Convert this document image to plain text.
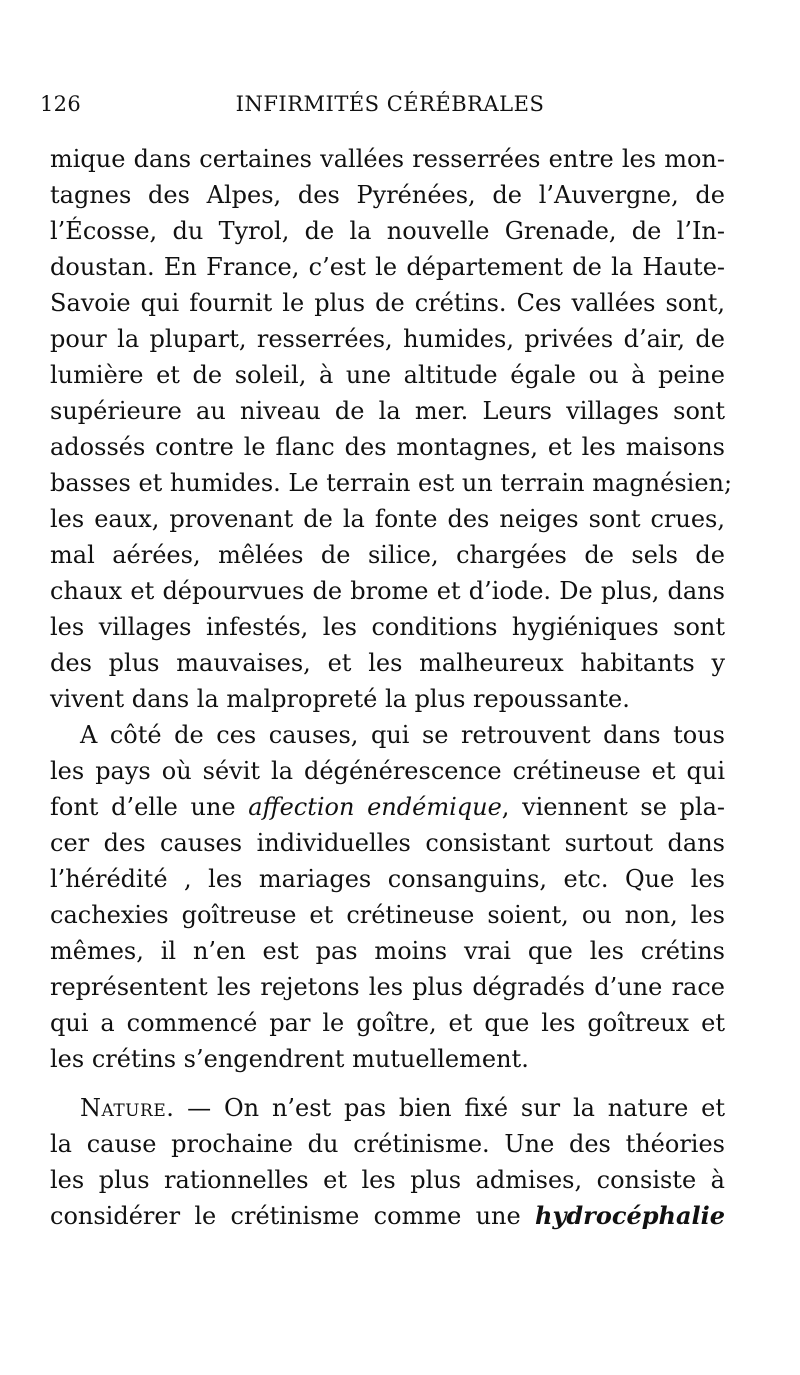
126	INFIRMITÉS CÉRÉBRALES
mique dans certaines vallées resserrées entre les mon-
tagnes des Alpes, des Pyrénées, de l’Auvergne, de
l’Écosse, du Tyrol, de la nouvelle Grenade, de l’In-
doustan. En France, c’est le département de la Haute-
Savoie qui fournit le plus de crétins. Ces vallées sont,
pour la plupart, resserrées, humides, privées d’air, de
lumière et de soleil, à une altitude égale ou à peine
supérieure au niveau de la mer. Leurs villages sont
adossés contre le flanc des montagnes, et les maisons
basses et humides. Le terrain est un terrain magnésien;
les eaux, provenant de la fonte des neiges sont crues,
mal aérées, mêlées de silice, chargées de sels de
chaux et dépourvues de brome et d’iode. De plus, dans
les villages infestés, les conditions hygiéniques sont
des plus mauvaises, et les malheureux habitants y
vivent dans la malpropreté la plus repoussante.
A côté de ces causes, qui se retrouvent dans tous
les pays où sévit la dégénérescence crétineuse et qui
font d’elle une affection endémique, viennent se pla-
cer des causes individuelles consistant surtout dans
l’hérédité , les mariages consanguins, etc. Que les
cachexies goîtreuse et crétineuse soient, ou non, les
mêmes, il n’en est pas moins vrai que les crétins
représentent les rejetons les plus dégradés d’une race
qui a commencé par le goître, et que les goîtreux et
les crétins s’engendrent mutuellement.
Nature. — On n’est pas bien fixé sur la nature et
la cause prochaine du crétinisme. Une des théories
les plus rationnelles et les plus admises, consiste à
considérer le crétinisme comme une hydrocéphalie
